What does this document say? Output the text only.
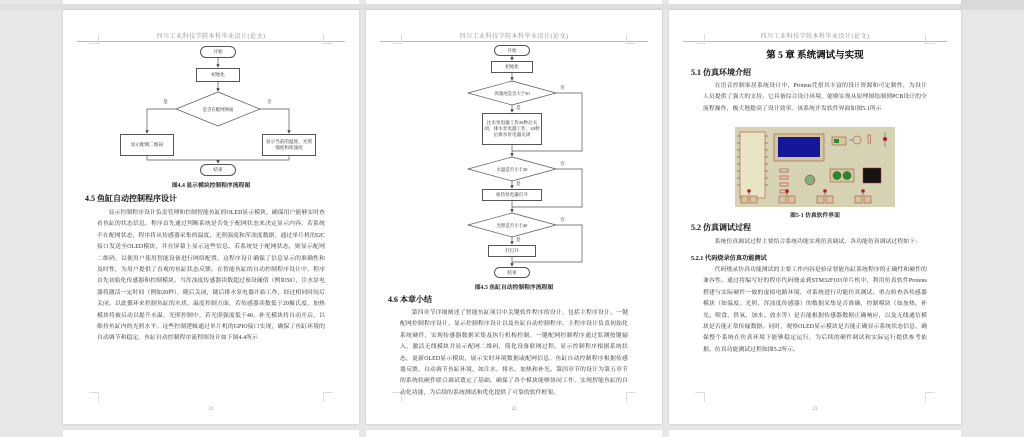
四川工业科技学院本科毕业设计(论文)
开始
初始化
是否在配网界面
是	否
显示配网二维码
显示当前的温度、光照强度和浑浊度
结束
图4.4 显示模块控制程序流程图
4.5 鱼缸自动控制程序设计
显示控制程序设计负责管理和控制智能鱼缸的OLED显示模块，确保用户能够实时查看鱼缸的状态信息。程序首先通过判断系统是否处于配网状态来决定显示内容，若系统不在配网状态，程序将从传感器采集的温度、光照强度和浑浊度数据，通过单片机的I2C接口发送至OLED模块，并在屏幕上显示这些信息。若系统处于配网状态，则显示配网二维码，以便用户使用智能设备进行网络配置。这程序设计确保了信息显示的准确性和及时性，为用户提供了直观的鱼缸状态反馈。在智能鱼缸的自动控制程序设计中，程序首先初始化传感器和控制模块。当浑浊度传感器读数超过预设阈值（例如50），注水泵电器将激活一定时间（例如20秒），随后关闭，随后排水泵电器开始工作，经过相同时间后关闭，以此循环来控制鱼缸的水质。温度控制方面，若传感器读数低于20摄氏度，加热模块将被启动以提升水温，光照控制中，若光照强度低于40，补光模块将自动开启，以维持鱼缸内的光照水平。这些控制逻辑通过单片机的GPIO接口实现，确保了鱼缸环境的自动调节和稳定。鱼缸自动控制程序流程图设计如下图4.4所示
21
四川工业科技学院本科毕业设计(论文)
开始
初始化
浑浊度是否大于50
否
是
注水泵电器工作20秒后关闭，排水泵电器工作，20秒后排水泵电器关闭
水温是否小于20
否
是
加热泵电器打开
光照是否小于40
否
是
灯打开
结束
图4.5 鱼缸自动控制程序流程图
4.6 本章小结
第四章节详细阐述了智能鱼缸项目中关键软件程序的设计，包括主程序设计、一键配网控制程序设计、显示控制程序设计以及鱼缸自动控制程序。主程序设计负责初始化系统硬件，实现传感器数据采集及执行机构控制。一键配网控制程序通过监测按键输入，激活无线模块并显示配网二维码，简化设备联网过程。显示控制程序根据系统状态，更新OLED显示模块，展示实时环境数据或配网信息。鱼缸自动控制程序根据传感器反馈，自动调节鱼缸环境，如注水、排水、加热和补光。第四章节的设计为第五章节的系统软硬件联合调试奠定了基础，确保了各个模块能够协同工作，实现智能鱼缸的自动化功能，为后续的系统测试和优化提供了可靠的软件框架。
22
四川工业科技学院本科毕业设计(论文)
第 5 章 系统调试与实现
5.1 仿真环境介绍
在语音控制家居系统设计中，Proteus凭借其丰富的设计资源和可定制性，为设计人员提供了强大的支持。它具备综合设计环境，能够实现从原理图绘制到PCB设计的全流程操作，极大地提高了设计效率。该系统开发软件界面如图5.1所示
图5-1 仿真软件界面
5.2 仿真调试过程
系统仿真调试过程主要结合系统功能实现仿真调试，各功能仿真调试过程如下：
5.2.1 代码烧录仿真功能测试
代码烧录仿真功能测试的主要工作内容是验证智能鱼缸系统程序的正确性和硬件的兼容性。通过将编写好的程序代码烧录到STM32F103单片机中，利用仿真软件Proteus搭建与实际硬件一致的虚拟电路环境，对系统进行功能仿真测试。重点检查各传感器模块（如温度、光照、浑浊度传感器）的数据采集是否准确，控制模块（如加热、补光、喂食、供氧、加水、放水等）是否能根据传感器数据正确响应，以及无线通信模块是否能正常传输数据。同时，观察OLED显示模块是否能正确显示系统状态信息，确保整个系统在仿真环境下能够稳定运行，为后续的硬件调试和实际运行提供参考依据。仿真功能测试过程如图5.2所示。
23
